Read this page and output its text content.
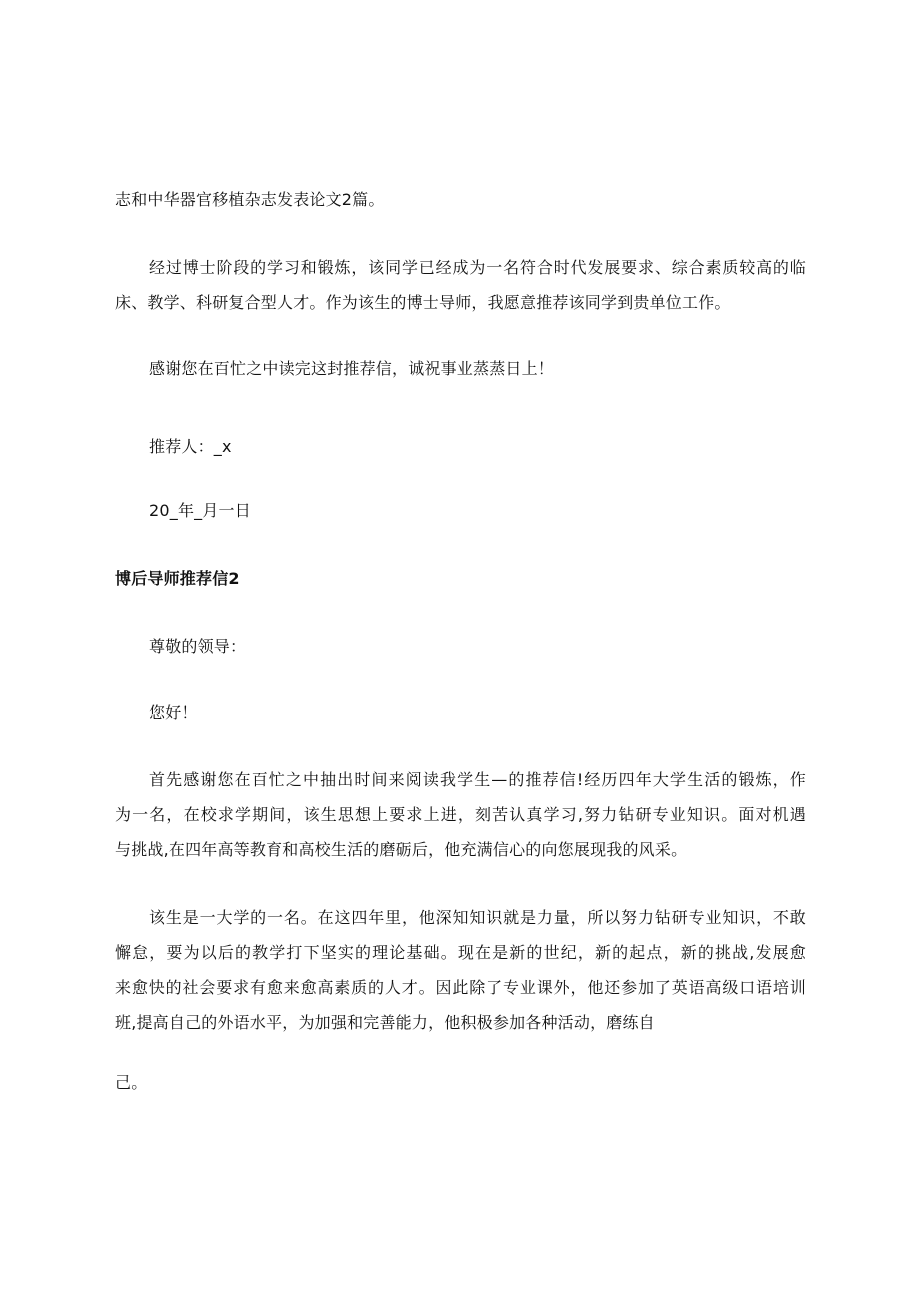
志和中华器官移植杂志发表论文2篇。
经过博士阶段的学习和锻炼，该同学已经成为一名符合时代发展要求、综合素质较高的临
床、教学、科研复合型人才。作为该生的博士导师，我愿意推荐该同学到贵单位工作。
感谢您在百忙之中读完这封推荐信，诚祝事业蒸蒸日上！
推荐人：_x
20_年_月一日
博后导师推荐信2
尊敬的领导：
您好！
首先感谢您在百忙之中抽出时间来阅读我学生—的推荐信!经历四年大学生活的锻炼，作
为一名，在校求学期间，该生思想上要求上进，刻苦认真学习,努力钻研专业知识。面对机遇
与挑战,在四年高等教育和高校生活的磨砺后，他充满信心的向您展现我的风采。
该生是一大学的一名。在这四年里，他深知知识就是力量，所以努力钻研专业知识，不敢
懈怠，要为以后的教学打下坚实的理论基础。现在是新的世纪，新的起点，新的挑战,发展愈
来愈快的社会要求有愈来愈高素质的人才。因此除了专业课外，他还参加了英语高级口语培训
班,提高自己的外语水平，为加强和完善能力，他积极参加各种活动，磨练自
己。
